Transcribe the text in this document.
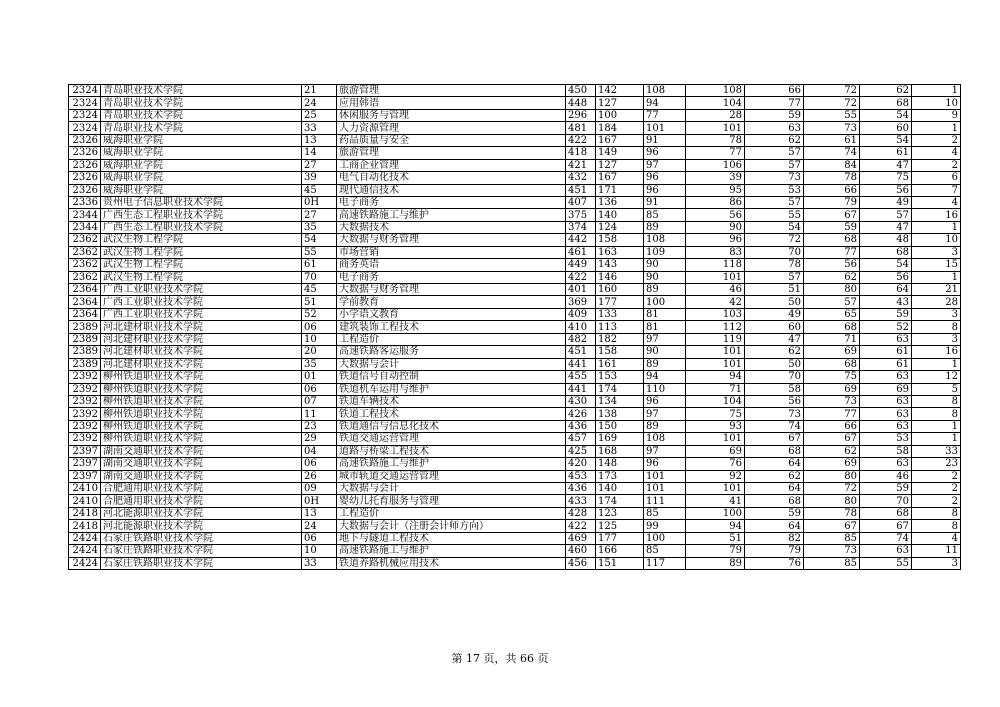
2324	青岛职业技术学院	21	旅游管理	450	142	108	108	66	72	62	1
2324	青岛职业技术学院	24	应用韩语	448	127	94	104	77	72	68	10
2324	青岛职业技术学院	25	休闲服务与管理	296	100	77	28	59	55	54	9
2324	青岛职业技术学院	33	人力资源管理	481	184	101	101	63	73	60	1
2326	威海职业学院	13	药品质量与安全	422	167	91	78	62	61	54	2
2326	威海职业学院	14	旅游管理	418	149	96	77	57	74	61	4
2326	威海职业学院	27	工商企业管理	421	127	97	106	57	84	47	2
2326	威海职业学院	39	电气自动化技术	432	167	96	39	73	78	75	6
2326	威海职业学院	45	现代通信技术	451	171	96	95	53	66	56	7
2336	贵州电子信息职业技术学院	0H	电子商务	407	136	91	86	57	79	49	4
2344	广西生态工程职业技术学院	27	高速铁路施工与维护	375	140	85	56	55	67	57	16
2344	广西生态工程职业技术学院	35	大数据技术	374	124	89	90	54	59	47	1
2362	武汉生物工程学院	54	大数据与财务管理	442	158	108	96	72	68	48	10
2362	武汉生物工程学院	55	市场营销	461	163	109	83	70	77	68	3
2362	武汉生物工程学院	61	商务英语	449	143	90	118	78	56	54	15
2362	武汉生物工程学院	70	电子商务	422	146	90	101	57	62	56	1
2364	广西工业职业技术学院	45	大数据与财务管理	401	160	89	46	51	80	64	21
2364	广西工业职业技术学院	51	学前教育	369	177	100	42	50	57	43	28
2364	广西工业职业技术学院	52	小学语文教育	409	133	81	103	49	65	59	3
2389	河北建材职业技术学院	06	建筑装饰工程技术	410	113	81	112	60	68	52	8
2389	河北建材职业技术学院	10	工程造价	482	182	97	119	47	71	63	3
2389	河北建材职业技术学院	20	高速铁路客运服务	451	158	90	101	62	69	61	16
2389	河北建材职业技术学院	35	大数据与会计	441	161	89	101	50	68	61	1
2392	柳州铁道职业技术学院	01	铁道信号自动控制	455	153	94	94	70	75	63	12
2392	柳州铁道职业技术学院	06	铁道机车运用与维护	441	174	110	71	58	69	69	5
2392	柳州铁道职业技术学院	07	铁道车辆技术	430	134	96	104	56	73	63	8
2392	柳州铁道职业技术学院	11	铁道工程技术	426	138	97	75	73	77	63	8
2392	柳州铁道职业技术学院	23	铁道通信与信息化技术	436	150	89	93	74	66	63	1
2392	柳州铁道职业技术学院	29	铁道交通运营管理	457	169	108	101	67	67	53	1
2397	湖南交通职业技术学院	04	道路与桥梁工程技术	425	168	97	69	68	62	58	33
2397	湖南交通职业技术学院	06	高速铁路施工与维护	420	148	96	76	64	69	63	23
2397	湖南交通职业技术学院	26	城市轨道交通运营管理	453	173	101	92	62	80	46	2
2410	合肥通用职业技术学院	09	大数据与会计	436	140	101	101	64	72	59	2
2410	合肥通用职业技术学院	0H	婴幼儿托育服务与管理	433	174	111	41	68	80	70	2
2418	河北能源职业技术学院	13	工程造价	428	123	85	100	59	78	68	8
2418	河北能源职业技术学院	24	大数据与会计（注册会计师方向）	422	125	99	94	64	67	67	8
2424	石家庄铁路职业技术学院	06	地下与隧道工程技术	469	177	100	51	82	85	74	4
2424	石家庄铁路职业技术学院	10	高速铁路施工与维护	460	166	85	79	79	73	63	11
2424	石家庄铁路职业技术学院	33	铁道养路机械应用技术	456	151	117	89	76	85	55	3
第 17 页，共 66 页
